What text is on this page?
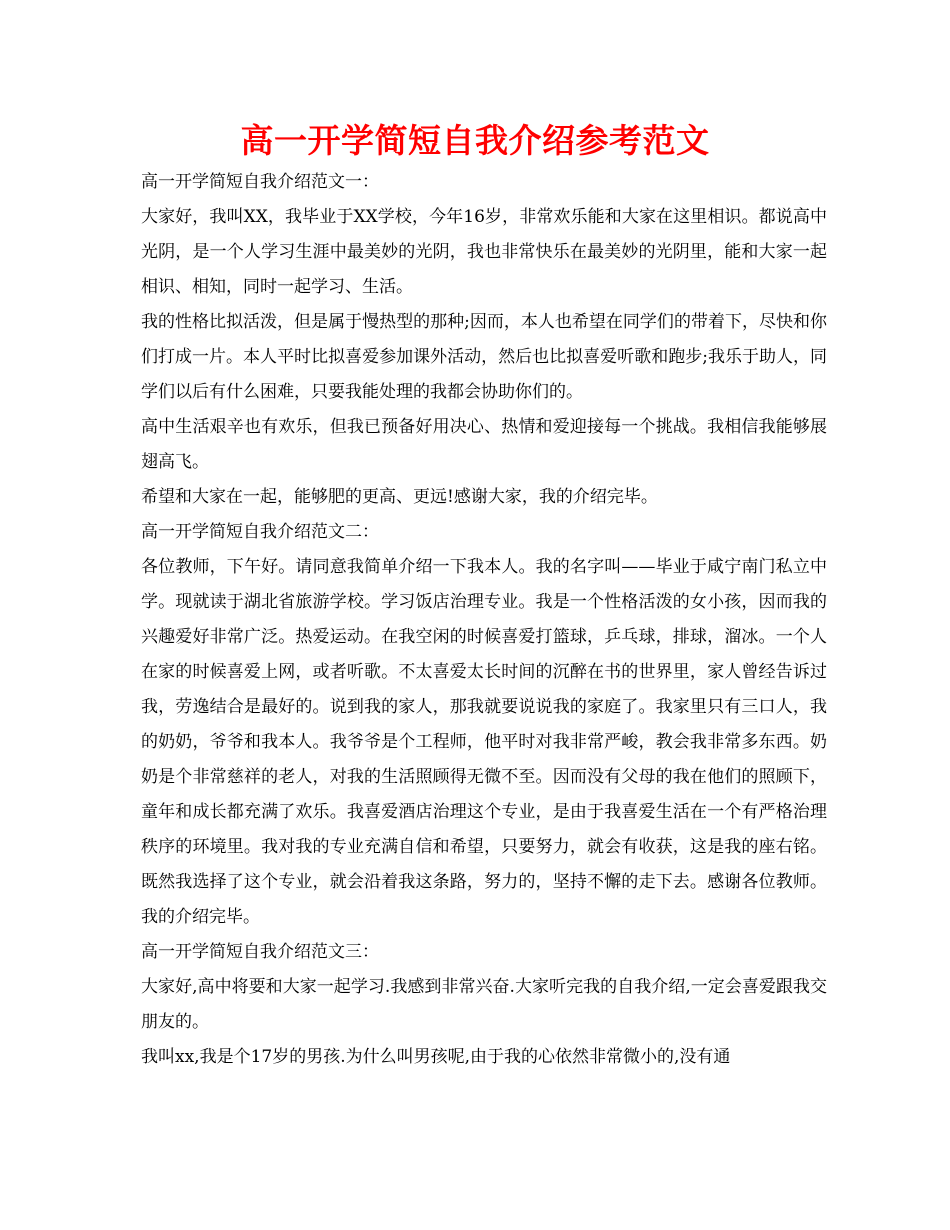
高一开学简短自我介绍参考范文

高一开学简短自我介绍范文一：

大家好，我叫XX，我毕业于XX学校，今年16岁，非常欢乐能和大家在这里相识。都说高中光阴，是一个人学习生涯中最美妙的光阴，我也非常快乐在最美妙的光阴里，能和大家一起相识、相知，同时一起学习、生活。

我的性格比拟活泼，但是属于慢热型的那种;因而，本人也希望在同学们的带着下，尽快和你们打成一片。本人平时比拟喜爱参加课外活动，然后也比拟喜爱听歌和跑步;我乐于助人，同学们以后有什么困难，只要我能处理的我都会协助你们的。

高中生活艰辛也有欢乐，但我已预备好用决心、热情和爱迎接每一个挑战。我相信我能够展翅高飞。

希望和大家在一起，能够肥的更高、更远!感谢大家，我的介绍完毕。

高一开学简短自我介绍范文二：

各位教师，下午好。请同意我简单介绍一下我本人。我的名字叫——毕业于咸宁南门私立中学。现就读于湖北省旅游学校。学习饭店治理专业。我是一个性格活泼的女小孩，因而我的兴趣爱好非常广泛。热爱运动。在我空闲的时候喜爱打篮球，乒乓球，排球，溜冰。一个人在家的时候喜爱上网，或者听歌。不太喜爱太长时间的沉醉在书的世界里，家人曾经告诉过我，劳逸结合是最好的。说到我的家人，那我就要说说我的家庭了。我家里只有三口人，我的奶奶，爷爷和我本人。我爷爷是个工程师，他平时对我非常严峻，教会我非常多东西。奶奶是个非常慈祥的老人，对我的生活照顾得无微不至。因而没有父母的我在他们的照顾下，童年和成长都充满了欢乐。我喜爱酒店治理这个专业，是由于我喜爱生活在一个有严格治理秩序的环境里。我对我的专业充满自信和希望，只要努力，就会有收获，这是我的座右铭。既然我选择了这个专业，就会沿着我这条路，努力的，坚持不懈的走下去。感谢各位教师。我的介绍完毕。

高一开学简短自我介绍范文三：

大家好,高中将要和大家一起学习.我感到非常兴奋.大家听完我的自我介绍,一定会喜爱跟我交朋友的。

我叫xx,我是个17岁的男孩.为什么叫男孩呢,由于我的心依然非常微小的,没有通
